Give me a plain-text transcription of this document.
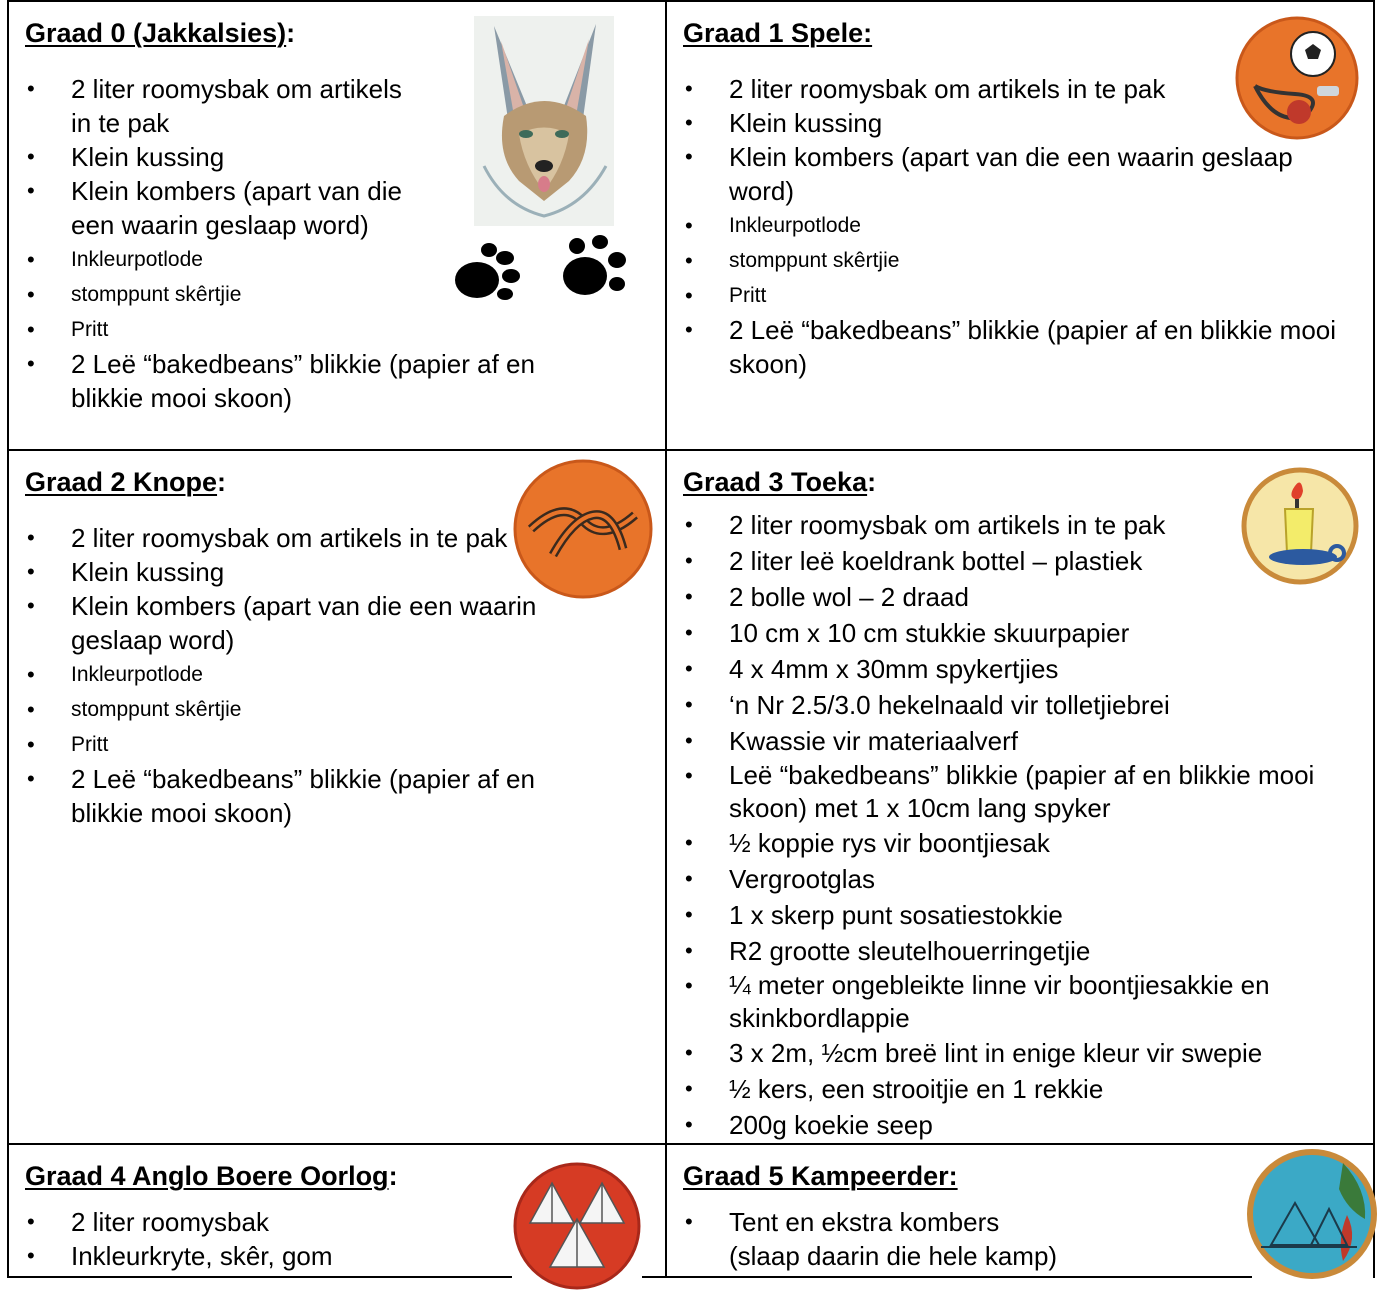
Graad 0 (Jakkalsies):
• 2 liter roomysbak om artikels in te pak
• Klein kussing
• Klein kombers (apart van die een waarin geslaap word)
• Inkleurpotlode
• stomppunt skêrtjie
• Pritt
• 2 Leë “bakedbeans” blikkie (papier af en blikkie mooi skoon)
Graad 1 Spele:
• 2 liter roomysbak om artikels in te pak
• Klein kussing
• Klein kombers (apart van die een waarin geslaap word)
• Inkleurpotlode
• stomppunt skêrtjie
• Pritt
• 2 Leë “bakedbeans” blikkie (papier af en blikkie mooi skoon)
Graad 2 Knope:
• 2 liter roomysbak om artikels in te pak
• Klein kussing
• Klein kombers (apart van die een waarin geslaap word)
• Inkleurpotlode
• stomppunt skêrtjie
• Pritt
• 2 Leë “bakedbeans” blikkie (papier af en blikkie mooi skoon)
Graad 3 Toeka:
• 2 liter roomysbak om artikels in te pak
• 2 liter leë koeldrank bottel – plastiek
• 2 bolle wol – 2 draad
• 10 cm x 10 cm stukkie skuurpapier
• 4 x 4mm x 30mm spykertjies
• ‘n Nr 2.5/3.0 hekelnaald vir tolletjiebrei
• Kwassie vir materiaalverf
• Leë “bakedbeans” blikkie (papier af en blikkie mooi skoon) met 1 x 10cm lang spyker
• ½ koppie rys vir boontjiesak
• Vergrootglas
• 1 x skerp punt sosatiestokkie
• R2 grootte sleutelhouerringetjie
• ¼ meter ongebleikte linne vir boontjiesakkie en skinkbordlappie
• 3 x 2m, ½cm breë lint in enige kleur vir swepie
• ½ kers, een strooitjie en 1 rekkie
• 200g koekie seep
Graad 4 Anglo Boere Oorlog:
• 2 liter roomysbak
• Inkleurkryte, skêr, gom
Graad 5 Kampeerder:
• Tent en ekstra kombers (slaap daarin die hele kamp)
